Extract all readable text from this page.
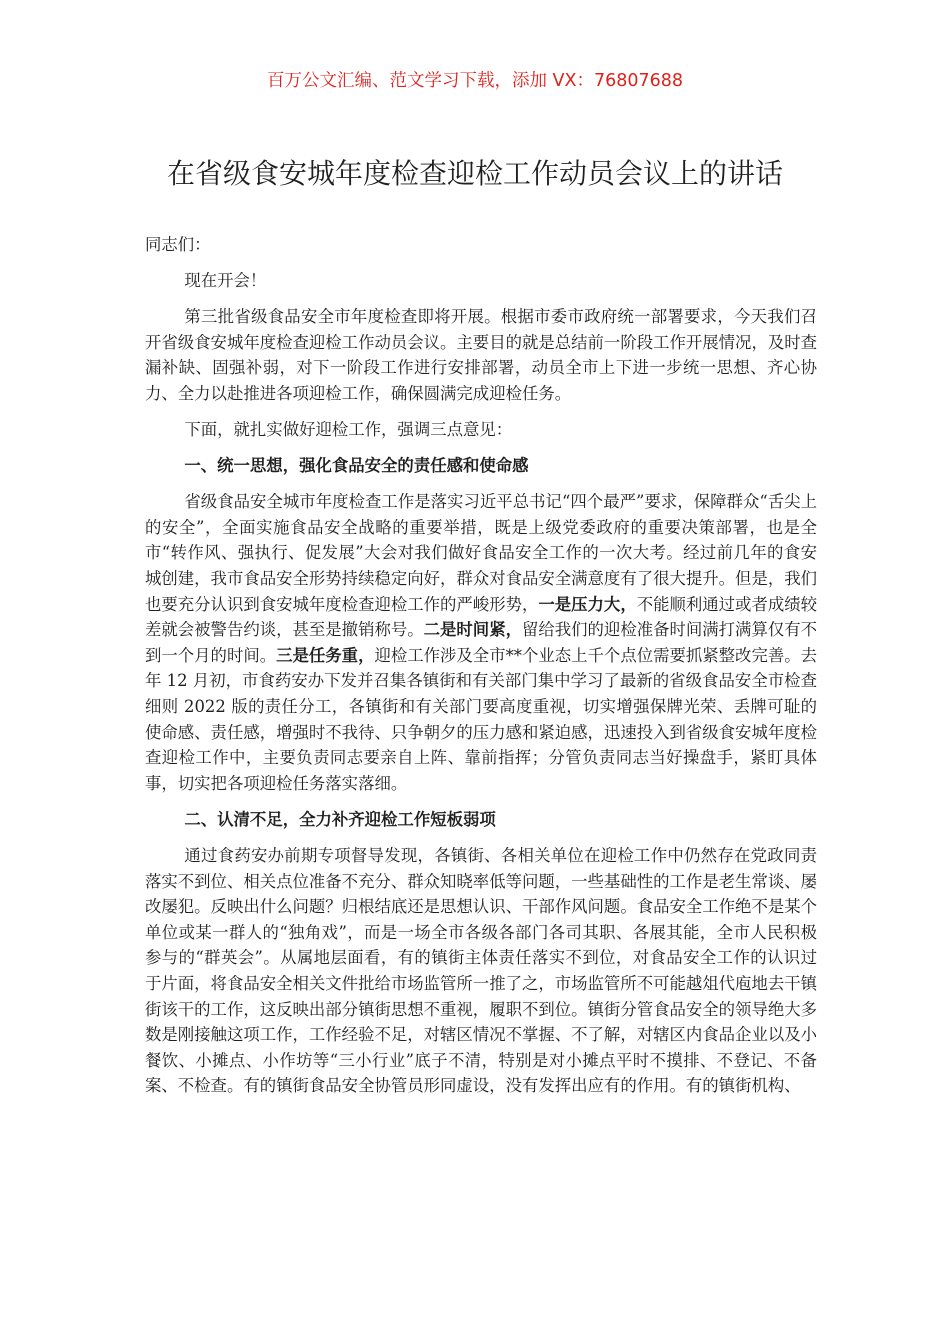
百万公文汇编、范文学习下载，添加 VX：76807688
在省级食安城年度检查迎检工作动员会议上的讲话

同志们：

现在开会！

第三批省级食品安全市年度检查即将开展。根据市委市政府统一部署要求，今天我们召开省级食安城年度检查迎检工作动员会议。主要目的就是总结前一阶段工作开展情况，及时查漏补缺、固强补弱，对下一阶段工作进行安排部署，动员全市上下进一步统一思想、齐心协力、全力以赴推进各项迎检工作，确保圆满完成迎检任务。

下面，就扎实做好迎检工作，强调三点意见：

一、统一思想，强化食品安全的责任感和使命感

省级食品安全城市年度检查工作是落实习近平总书记“四个最严”要求，保障群众“舌尖上的安全”，全面实施食品安全战略的重要举措，既是上级党委政府的重要决策部署，也是全市“转作风、强执行、促发展”大会对我们做好食品安全工作的一次大考。经过前几年的食安城创建，我市食品安全形势持续稳定向好，群众对食品安全满意度有了很大提升。但是，我们也要充分认识到食安城年度检查迎检工作的严峻形势，一是压力大，不能顺利通过或者成绩较差就会被警告约谈，甚至是撤销称号。二是时间紧，留给我们的迎检准备时间满打满算仅有不到一个月的时间。三是任务重，迎检工作涉及全市**个业态上千个点位需要抓紧整改完善。去年 12 月初，市食药安办下发并召集各镇街和有关部门集中学习了最新的省级食品安全市检查细则 2022 版的责任分工，各镇街和有关部门要高度重视，切实增强保牌光荣、丢牌可耻的使命感、责任感，增强时不我待、只争朝夕的压力感和紧迫感，迅速投入到省级食安城年度检查迎检工作中，主要负责同志要亲自上阵、靠前指挥；分管负责同志当好操盘手，紧盯具体事，切实把各项迎检任务落实落细。

二、认清不足，全力补齐迎检工作短板弱项

通过食药安办前期专项督导发现，各镇街、各相关单位在迎检工作中仍然存在党政同责落实不到位、相关点位准备不充分、群众知晓率低等问题，一些基础性的工作是老生常谈、屡改屡犯。反映出什么问题？归根结底还是思想认识、干部作风问题。食品安全工作绝不是某个单位或某一群人的“独角戏”，而是一场全市各级各部门各司其职、各展其能，全市人民积极参与的“群英会”。从属地层面看，有的镇街主体责任落实不到位，对食品安全工作的认识过于片面，将食品安全相关文件批给市场监管所一推了之，市场监管所不可能越俎代庖地去干镇街该干的工作，这反映出部分镇街思想不重视，履职不到位。镇街分管食品安全的领导绝大多数是刚接触这项工作，工作经验不足，对辖区情况不掌握、不了解，对辖区内食品企业以及小餐饮、小摊点、小作坊等“三小行业”底子不清，特别是对小摊点平时不摸排、不登记、不备案、不检查。有的镇街食品安全协管员形同虚设，没有发挥出应有的作用。有的镇街机构、
